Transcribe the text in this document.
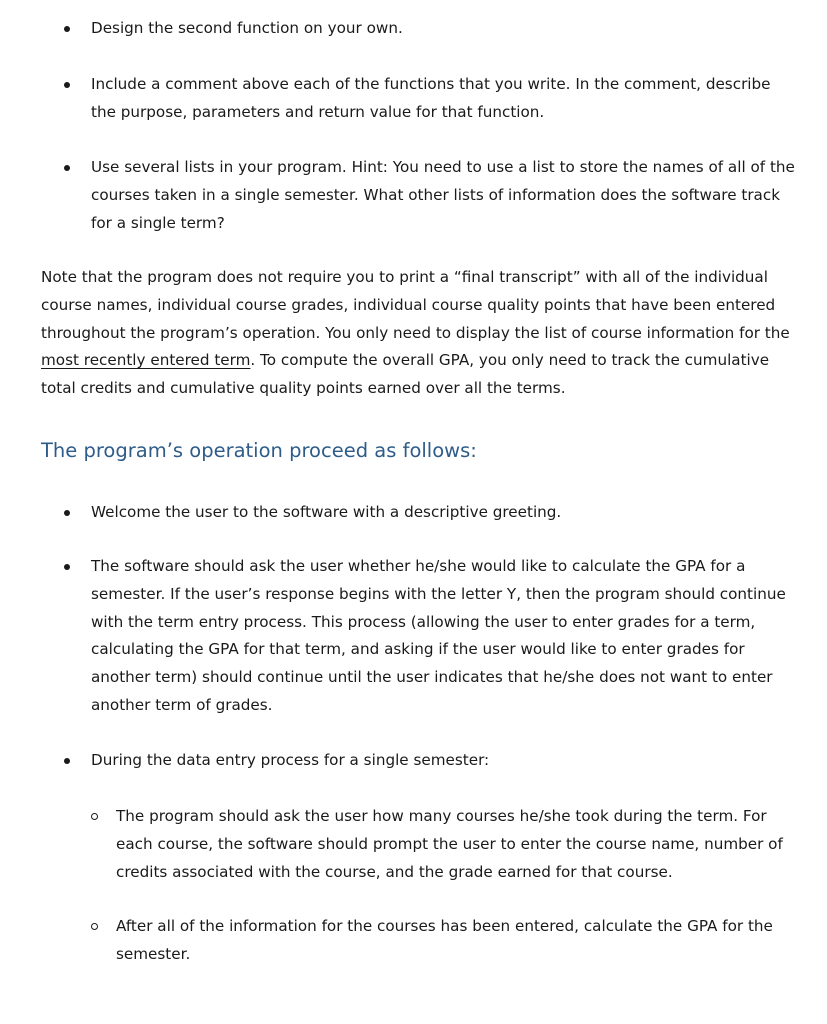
Design the second function on your own.
Include a comment above each of the functions that you write. In the comment, describe the purpose, parameters and return value for that function.
Use several lists in your program. Hint: You need to use a list to store the names of all of the courses taken in a single semester. What other lists of information does the software track for a single term?
Note that the program does not require you to print a “final transcript” with all of the individual course names, individual course grades, individual course quality points that have been entered throughout the program’s operation. You only need to display the list of course information for the most recently entered term. To compute the overall GPA, you only need to track the cumulative total credits and cumulative quality points earned over all the terms.
The program’s operation proceed as follows:
Welcome the user to the software with a descriptive greeting.
The software should ask the user whether he/she would like to calculate the GPA for a semester. If the user’s response begins with the letter Y, then the program should continue with the term entry process. This process (allowing the user to enter grades for a term, calculating the GPA for that term, and asking if the user would like to enter grades for another term) should continue until the user indicates that he/she does not want to enter another term of grades.
During the data entry process for a single semester:
The program should ask the user how many courses he/she took during the term. For each course, the software should prompt the user to enter the course name, number of credits associated with the course, and the grade earned for that course.
After all of the information for the courses has been entered, calculate the GPA for the semester.
